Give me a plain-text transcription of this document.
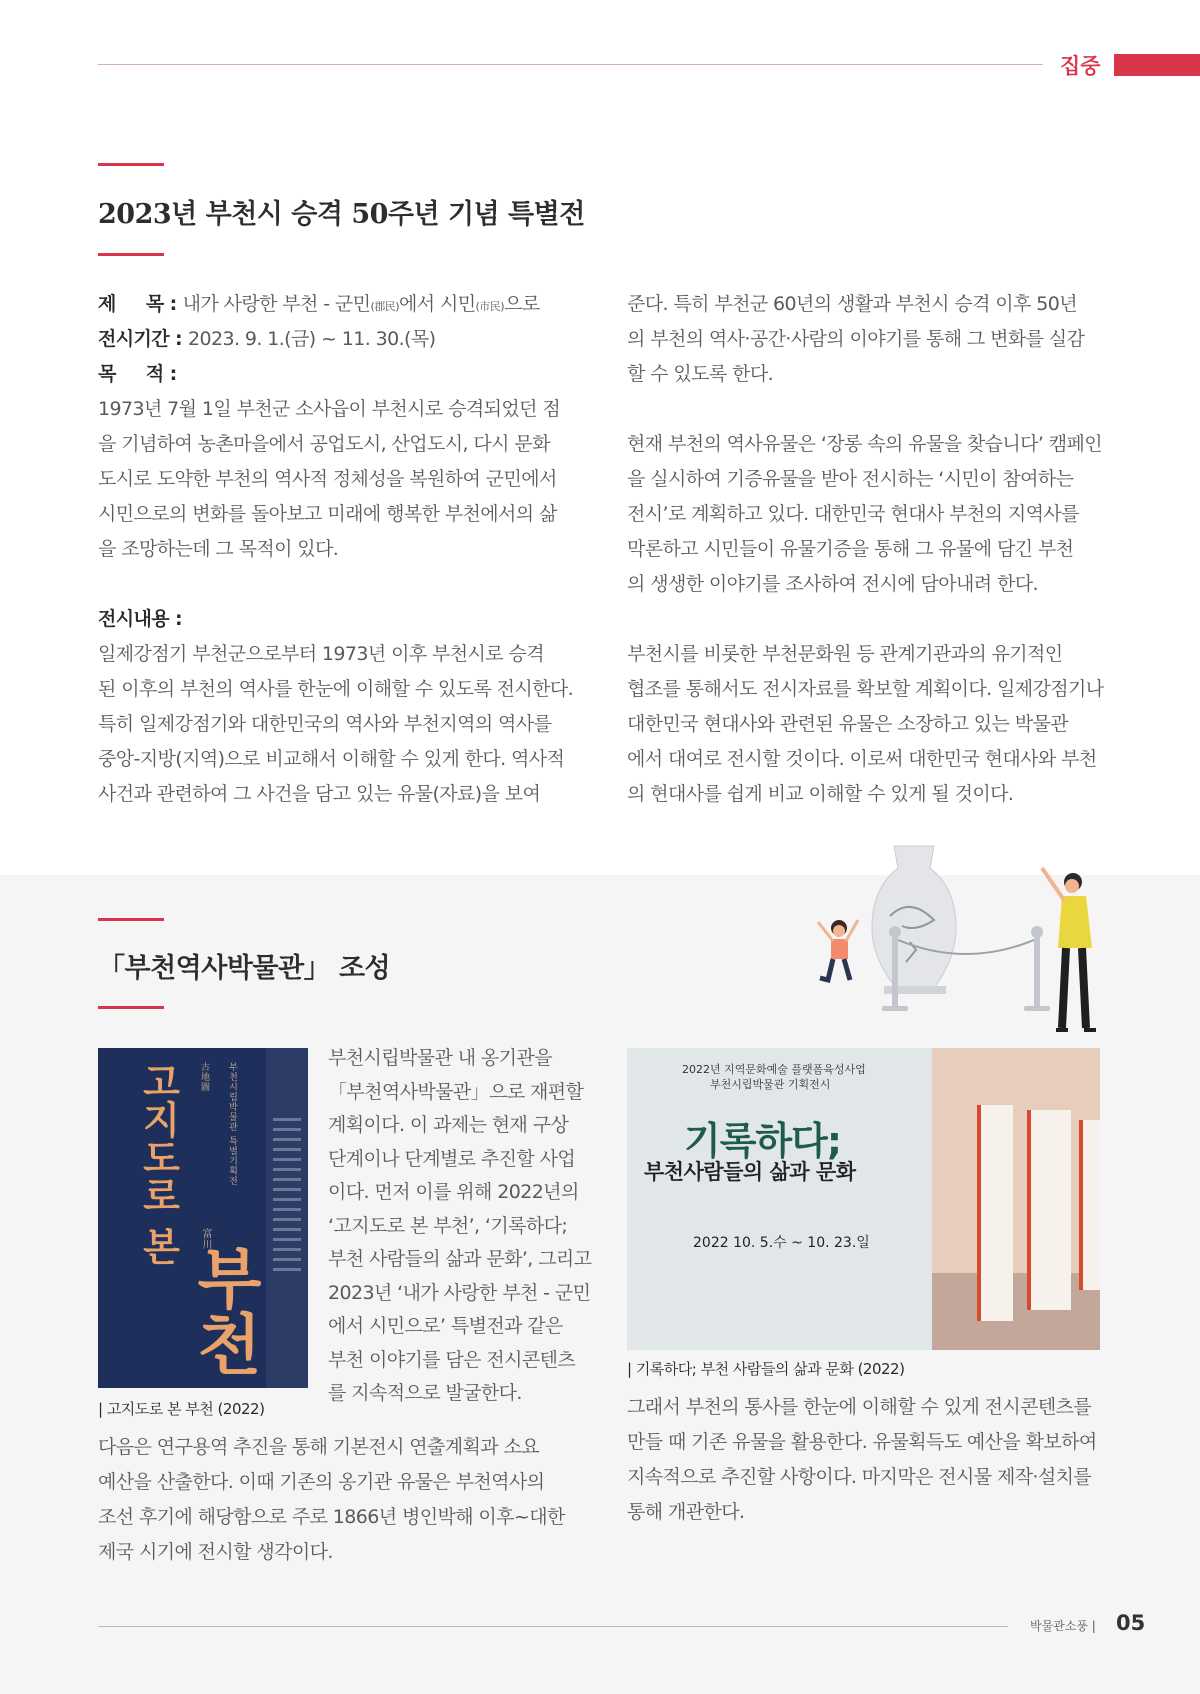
집중
2023년 부천시 승격 50주년 기념 특별전
제     목 : 내가 사랑한 부천 - 군민(郡民)에서 시민(市民)으로
전시기간 : 2023. 9. 1.(금) ~ 11. 30.(목)
목     적 :
1973년 7월 1일 부천군 소사읍이 부천시로 승격되었던 점
을 기념하여 농촌마을에서 공업도시, 산업도시, 다시 문화
도시로 도약한 부천의 역사적 정체성을 복원하여 군민에서
시민으로의 변화를 돌아보고 미래에 행복한 부천에서의 삶
을 조망하는데 그 목적이 있다.
전시내용 :
일제강점기 부천군으로부터 1973년 이후 부천시로 승격
된 이후의 부천의 역사를 한눈에 이해할 수 있도록 전시한다.
특히 일제강점기와 대한민국의 역사와 부천지역의 역사를
중앙-지방(지역)으로 비교해서 이해할 수 있게 한다. 역사적
사건과 관련하여 그 사건을 담고 있는 유물(자료)을 보여
준다. 특히 부천군 60년의 생활과 부천시 승격 이후 50년
의 부천의 역사·공간·사람의 이야기를 통해 그 변화를 실감
할 수 있도록 한다.
현재 부천의 역사유물은 ‘장롱 속의 유물을 찾습니다’ 캠페인
을 실시하여 기증유물을 받아 전시하는 ‘시민이 참여하는
전시’로 계획하고 있다. 대한민국 현대사 부천의 지역사를
막론하고 시민들이 유물기증을 통해 그 유물에 담긴 부천
의 생생한 이야기를 조사하여 전시에 담아내려 한다.
부천시를 비롯한 부천문화원 등 관계기관과의 유기적인
협조를 통해서도 전시자료를 확보할 계획이다. 일제강점기나
대한민국 현대사와 관련된 유물은 소장하고 있는 박물관
에서 대여로 전시할 것이다. 이로써 대한민국 현대사와 부천
의 현대사를 쉽게 비교 이해할 수 있게 될 것이다.
「부천역사박물관」 조성
古地圖
고지도로 본 富川
부천
부천시립박물관 특별기획전
| 고지도로 본 부천 (2022)
부천시립박물관 내 옹기관을
「부천역사박물관」으로 재편할
계획이다. 이 과제는 현재 구상
단계이나 단계별로 추진할 사업
이다. 먼저 이를 위해 2022년의
‘고지도로 본 부천’, ‘기록하다;
부천 사람들의 삶과 문화’, 그리고
2023년 ‘내가 사랑한 부천 - 군민
에서 시민으로’ 특별전과 같은
부천 이야기를 담은 전시콘텐츠
를 지속적으로 발굴한다.
2022년 지역문화예술 플랫폼육성사업
부천시립박물관 기획전시
기록하다;
부천사람들의 삶과 문화
2022 10. 5.수 ~ 10. 23.일
| 기록하다; 부천 사람들의 삶과 문화 (2022)
다음은 연구용역 추진을 통해 기본전시 연출계획과 소요
예산을 산출한다. 이때 기존의 옹기관 유물은 부천역사의
조선 후기에 해당함으로 주로 1866년 병인박해 이후~대한
제국 시기에 전시할 생각이다.
그래서 부천의 통사를 한눈에 이해할 수 있게 전시콘텐츠를
만들 때 기존 유물을 활용한다. 유물획득도 예산을 확보하여
지속적으로 추진할 사항이다. 마지막은 전시물 제작·설치를
통해 개관한다.
박물관소풍 | 05
